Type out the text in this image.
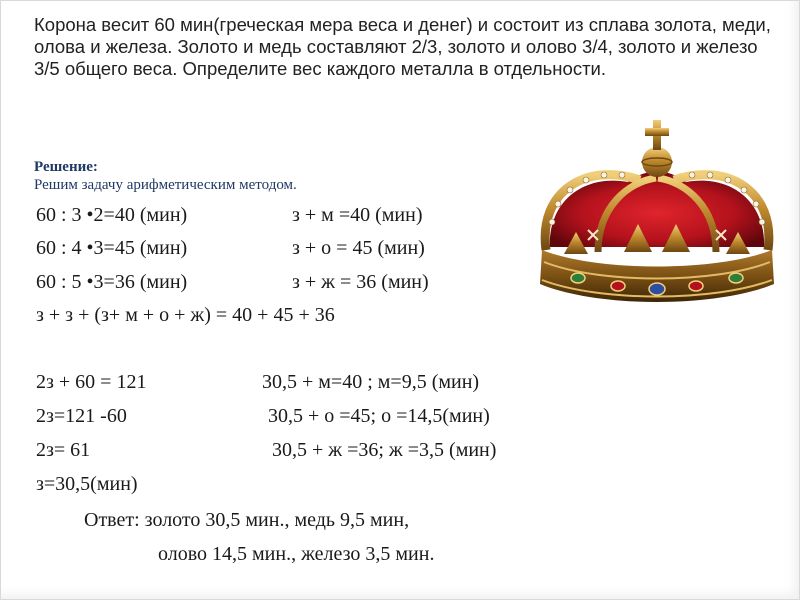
Корона весит 60 мин(греческая мера веса и денег) и состоит из сплава золота, меди, олова и железа. Золото и медь составляют 2/3, золото и олово 3/4, золото и железо 3/5 общего веса. Определите вес каждого металла в отдельности.
Решение:
Решим задачу арифметическим методом.
60 : 3 •2=40 (мин)	з + м =40 (мин)
60 : 4 •3=45 (мин)	з + о = 45 (мин)
60 : 5 •3=36 (мин)	з + ж = 36 (мин)
з + з + (з+ м + о + ж) = 40 + 45 + 36
2з + 60 = 121	30,5 + м=40 ; м=9,5 (мин)
2з=121 -60	30,5 + о =45; о =14,5(мин)
2з= 61	30,5 + ж =36; ж =3,5 (мин)
з=30,5(мин)
Ответ: золото 30,5 мин., медь 9,5 мин,
олово 14,5 мин., железо 3,5 мин.
